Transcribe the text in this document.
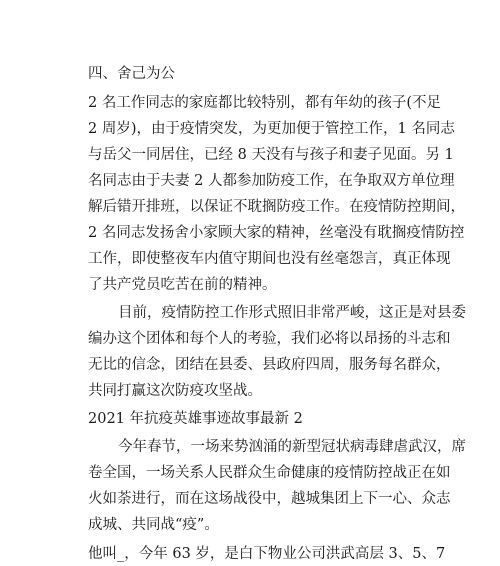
四、舍己为公
2 名工作同志的家庭都比较特别，都有年幼的孩子(不足
2 周岁)，由于疫情突发，为更加便于管控工作，1 名同志
与岳父一同居住，已经 8 天没有与孩子和妻子见面。另 1
名同志由于夫妻 2 人都参加防疫工作，在争取双方单位理
解后错开排班，以保证不耽搁防疫工作。在疫情防控期间，
2 名同志发扬舍小家顾大家的精神，丝毫没有耽搁疫情防控
工作，即使整夜车内值守期间也没有丝毫怨言，真正体现
了共产党员吃苦在前的精神。
目前，疫情防控工作形式照旧非常严峻，这正是对县委
编办这个团体和每个人的考验，我们必将以昂扬的斗志和
无比的信念，团结在县委、县政府四周，服务每名群众，
共同打赢这次防疫攻坚战。
2021 年抗疫英雄事迹故事最新 2
今年春节，一场来势汹涌的新型冠状病毒肆虐武汉，席
卷全国，一场关系人民群众生命健康的疫情防控战正在如
火如荼进行，而在这场战役中，越城集团上下一心、众志
成城、共同战“疫”。
他叫_，今年 63 岁，是白下物业公司洪武高层 3、5、7
